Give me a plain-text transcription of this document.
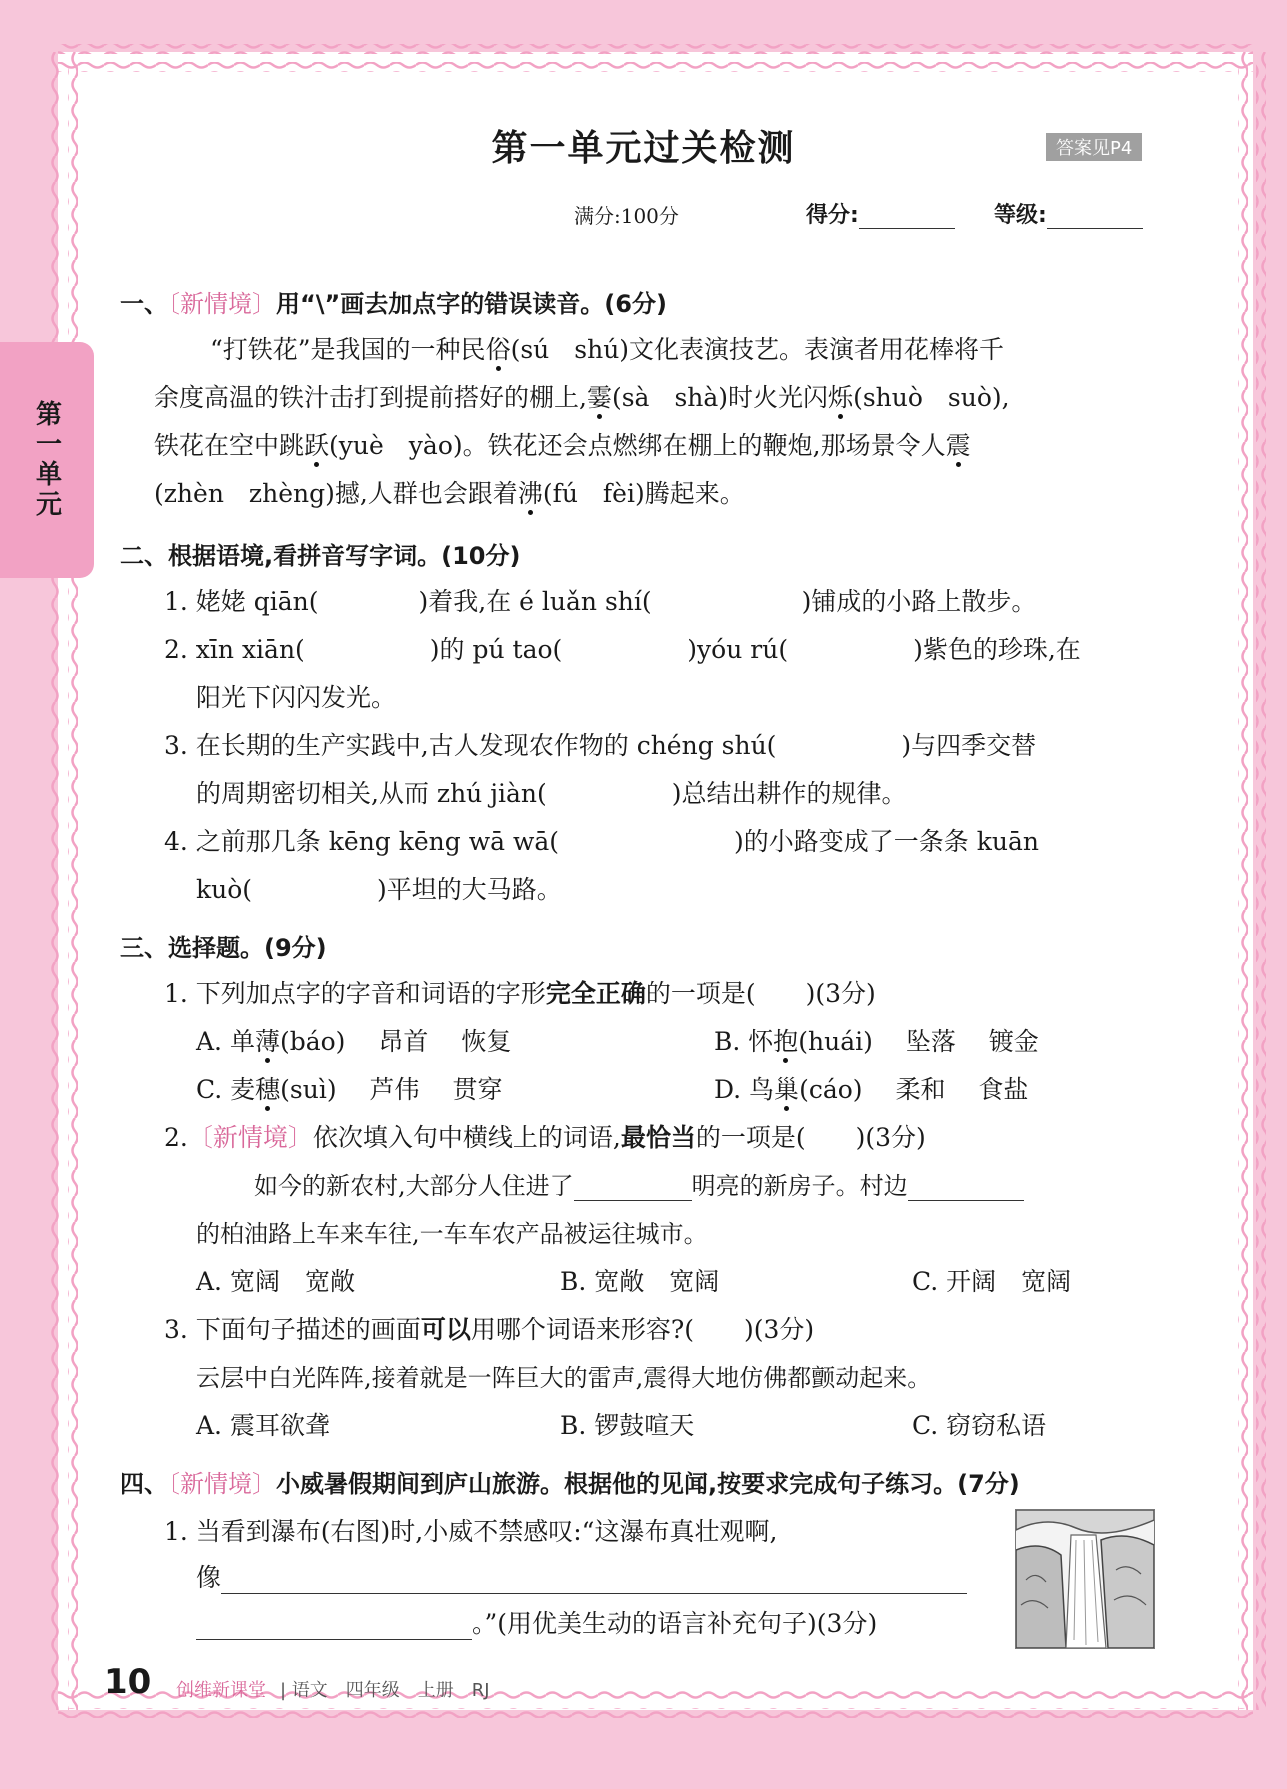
第一单元
第一单元过关检测	答案见P4
满分:100分	得分:	等级:
一、〔新情境〕用“\”画去加点字的错误读音。(6分)
“打铁花”是我国的一种民俗(sú　shú)文化表演技艺。表演者用花棒将千
余度高温的铁汁击打到提前搭好的棚上,霎(sà　shà)时火光闪烁(shuò　suò),
铁花在空中跳跃(yuè　yào)。铁花还会点燃绑在棚上的鞭炮,那场景令人震
(zhèn　zhèng)撼,人群也会跟着沸(fú　fèi)腾起来。
二、根据语境,看拼音写字词。(10分)
1. 姥姥 qiān(　　　　)着我,在 é luǎn shí(　　　　　　)铺成的小路上散步。
2. xīn xiān(　　　　　)的 pú tao(　　　　　)yóu rú(　　　　　)紫色的珍珠,在
阳光下闪闪发光。
3. 在长期的生产实践中,古人发现农作物的 chéng shú(　　　　　)与四季交替
的周期密切相关,从而 zhú jiàn(　　　　　)总结出耕作的规律。
4. 之前那几条 kēng kēng wā wā(　　　　　　　)的小路变成了一条条 kuān
kuò(　　　　　)平坦的大马路。
三、选择题。(9分)
1. 下列加点字的字音和词语的字形完全正确的一项是(　　)(3分)
A. 单薄(báo)　 昂首　 恢复	B. 怀抱(huái)　 坠落　 镀金
C. 麦穗(suì)　 芦伟　 贯穿	D. 鸟巢(cáo)　 柔和　 食盐
2.〔新情境〕依次填入句中横线上的词语,最恰当的一项是(　　)(3分)
如今的新农村,大部分人住进了	明亮的新房子。村边
的柏油路上车来车往,一车车农产品被运往城市。
A. 宽阔　宽敞	B. 宽敞　宽阔	C. 开阔　宽阔
3. 下面句子描述的画面可以用哪个词语来形容?(　　)(3分)
云层中白光阵阵,接着就是一阵巨大的雷声,震得大地仿佛都颤动起来。
A. 震耳欲聋	B. 锣鼓喧天	C. 窃窃私语
四、〔新情境〕小威暑假期间到庐山旅游。根据他的见闻,按要求完成句子练习。(7分)
1. 当看到瀑布(右图)时,小威不禁感叹:“这瀑布真壮观啊,
像
。”(用优美生动的语言补充句子)(3分)
10 创维新课堂 | 语文　四年级　上册　RJ
